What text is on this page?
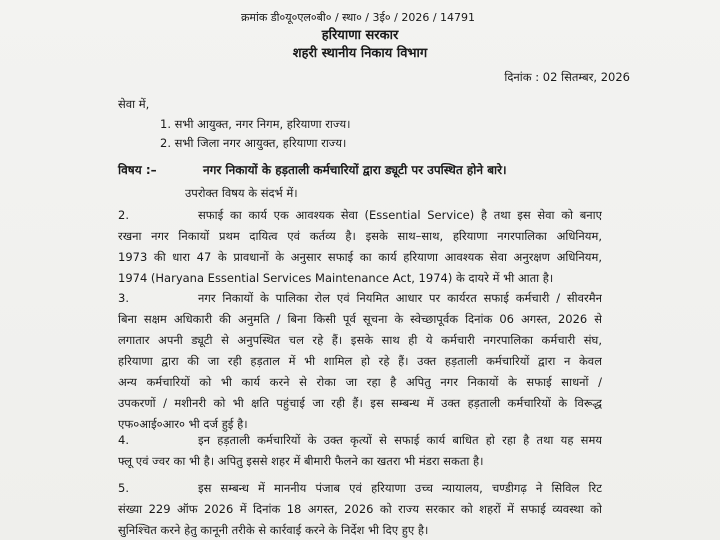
क्रमांक डी०यू०एल०बी० / स्था० / 3ई० / 2026 / 14791
हरियाणा सरकार
शहरी स्थानीय निकाय विभाग
दिनांक : 02 सितम्बर, 2026
सेवा में,
1. सभी आयुक्त, नगर निगम, हरियाणा राज्य।
2. सभी जिला नगर आयुक्त, हरियाणा राज्य।
विषय :–	नगर निकायों के हड़ताली कर्मचारियों द्वारा ड्यूटी पर उपस्थित होने बारे।
उपरोक्त विषय के संदर्भ में।
2.	सफाई का कार्य एक आवश्यक सेवा (Essential Service) है तथा इस सेवा को बनाए
रखना नगर निकायों प्रथम दायित्व एवं कर्तव्य है। इसके साथ–साथ, हरियाणा नगरपालिका अधिनियम,
1973 की धारा 47 के प्रावधानों के अनुसार सफाई का कार्य हरियाणा आवश्यक सेवा अनुरक्षण अधिनियम,
1974 (Haryana Essential Services Maintenance Act, 1974) के दायरे में भी आता है।
3.	नगर निकायों के पालिका रोल एवं नियमित आधार पर कार्यरत सफाई कर्मचारी / सीवरमैन
बिना सक्षम अधिकारी की अनुमति / बिना किसी पूर्व सूचना के स्वेच्छापूर्वक दिनांक 06 अगस्त, 2026 से
लगातार अपनी ड्यूटी से अनुपस्थित चल रहे हैं। इसके साथ ही ये कर्मचारी नगरपालिका कर्मचारी संघ,
हरियाणा द्वारा की जा रही हड़ताल में भी शामिल हो रहे हैं। उक्त हड़ताली कर्मचारियों द्वारा न केवल
अन्य कर्मचारियों को भी कार्य करने से रोका जा रहा है अपितु नगर निकायों के सफाई साधनों /
उपकरणों / मशीनरी को भी क्षति पहुंचाई जा रही हैं। इस सम्बन्ध में उक्त हड़ताली कर्मचारियों के विरूद्ध
एफ०आई०आर० भी दर्ज हुई है।
4.	इन हड़ताली कर्मचारियों के उक्त कृत्यों से सफाई कार्य बाधित हो रहा है तथा यह समय
फ्लू एवं ज्वर का भी है। अपितु इससे शहर में बीमारी फैलने का खतरा भी मंडरा सकता है।
5.	इस सम्बन्ध में माननीय पंजाब एवं हरियाणा उच्च न्यायालय, चण्डीगढ़ ने सिविल रिट
संख्या 229 ऑफ 2026 में दिनांक 18 अगस्त, 2026 को राज्य सरकार को शहरों में सफाई व्यवस्था को
सुनिश्चित करने हेतु कानूनी तरीके से कार्रवाई करने के निर्देश भी दिए हुए है।
